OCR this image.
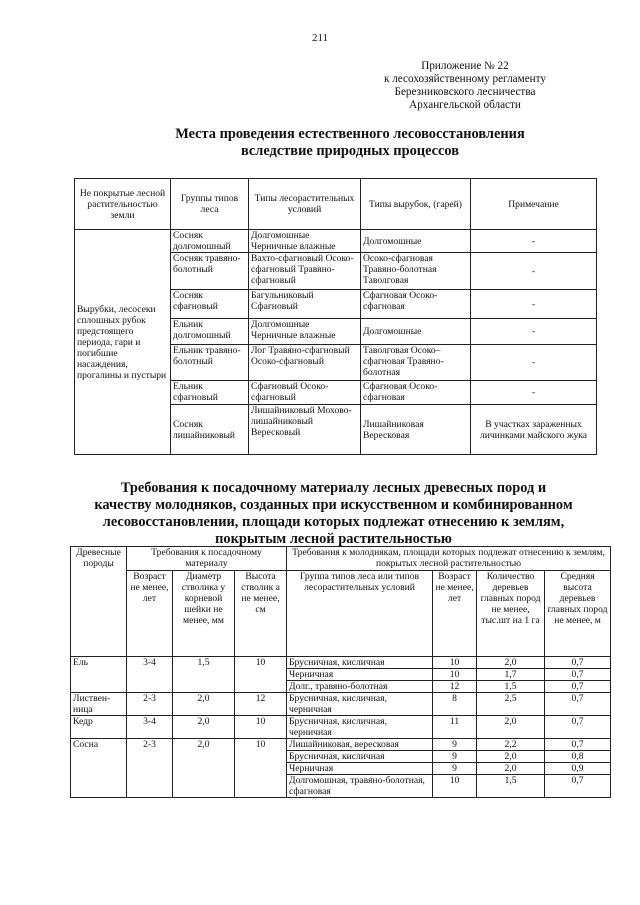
211
Приложение № 22
к лесохозяйственному регламенту
Березниковского лесничества
Архангельской области
Места проведения естественного лесовосстановления
вследствие природных процессов
Не покрытые лесной растительностью земли	Группы типов леса	Типы лесорастительных условий	Типы вырубок, (гарей)	Примечание
Вырубки, лесосеки сплошных рубок предстоящего периода, гари и погибшие насаждения, прогалины и пустыри	Сосняк долгомошный	Долгомошные Черничные влажные	Долгомошные	-
	Сосняк травяно-болотный	Вахто-сфагновый Осоко-сфагновый Травяно-сфагновый	Осоко-сфагновая Травяно-болотная Таволговая	-
	Сосняк сфагновый	Багульниковый Сфагновый	Сфагновая Осоко-сфагновая	-
	Ельник долгомошный	Долгомошные Черничные влажные	Долгомошные	-
	Ельник травяно-болотный	Лог Травяно-сфагновый Осоко-сфагновый	Таволговая Осоко–сфагновая Травяно-болотная	-
	Ельник сфагновый	Сфагновый Осоко-сфагновый	Сфагновая Осоко-сфагновая	-
	Сосняк лишайниковый	Лишайниковый Мохово-лишайниковый Вересковый	Лишайниковая Вересковая	В участках зараженных личинками майского жука
Требования к посадочному материалу лесных древесных пород и
качеству молодняков, созданных при искусственном и комбинированном
лесовосстановлении, площади которых подлежат отнесению к землям,
покрытым лесной растительностью
Древесные породы	Требования к посадочному материалу			Требования к молоднякам, площади которых подлежат отнесению к землям, покрытых лесной растительностью			
	Возраст не менее, лет	Диаметр стволика у корневой шейки не менее, мм	Высота стволик а не менее, см	Группа типов леса или типов лесорастительных условий	Возраст не менее, лет	Количество деревьев главных пород не менее, тыс.шт на 1 га	Средняя высота деревьев главных пород не менее, м
Ель	3-4	1,5	10	Брусничная, кисличная	10	2,0	0,7
				Черничная	10	1,7	0,7
				Долг., травяно-болотная	12	1,5	0,7
Листвен-ница	2-3	2,0	12	Брусничная, кисличная, черничная	8	2,5	0,7
Кедр	3-4	2,0	10	Брусничная, кисличная, черничная	11	2,0	0,7
Сосна	2-3	2,0	10	Лишайниковая, вересковая	9	2,2	0,7
				Брусничная, кисличная	9	2,0	0,8
				Черничная	9	2,0	0,9
				Долгомошная, травяно-болотная, сфагновая	10	1,5	0,7
